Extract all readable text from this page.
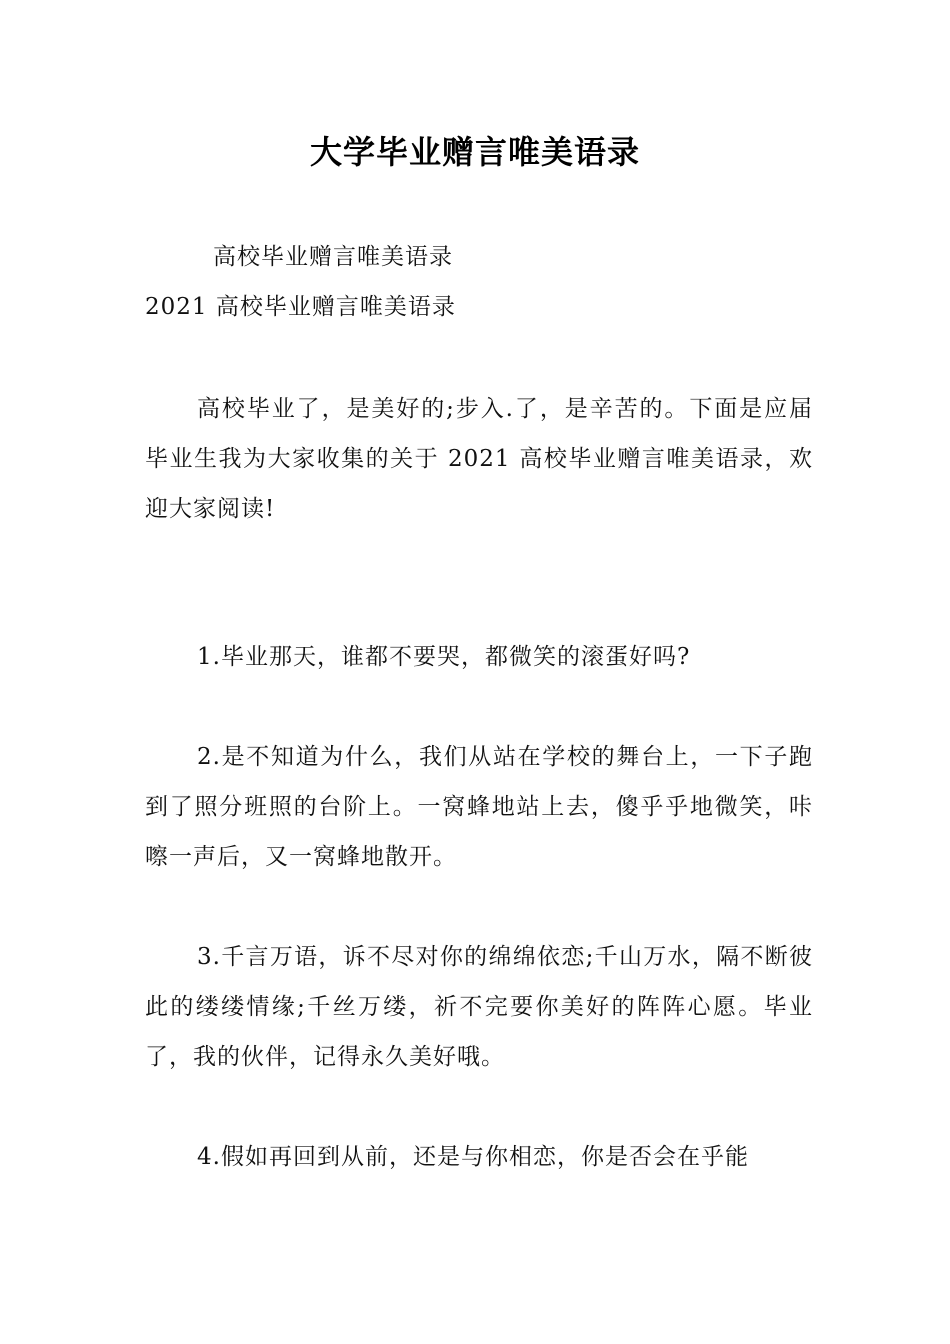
大学毕业赠言唯美语录
高校毕业赠言唯美语录
2021 高校毕业赠言唯美语录
高校毕业了，是美好的;步入.了，是辛苦的。下面是应届毕业生我为大家收集的关于 2021 高校毕业赠言唯美语录，欢迎大家阅读!
1.毕业那天，谁都不要哭，都微笑的滚蛋好吗?
2.是不知道为什么，我们从站在学校的舞台上，一下子跑到了照分班照的台阶上。一窝蜂地站上去，傻乎乎地微笑，咔嚓一声后，又一窝蜂地散开。
3.千言万语，诉不尽对你的绵绵依恋;千山万水，隔不断彼此的缕缕情缘;千丝万缕，祈不完要你美好的阵阵心愿。毕业了，我的伙伴，记得永久美好哦。
4.假如再回到从前，还是与你相恋，你是否会在乎能
